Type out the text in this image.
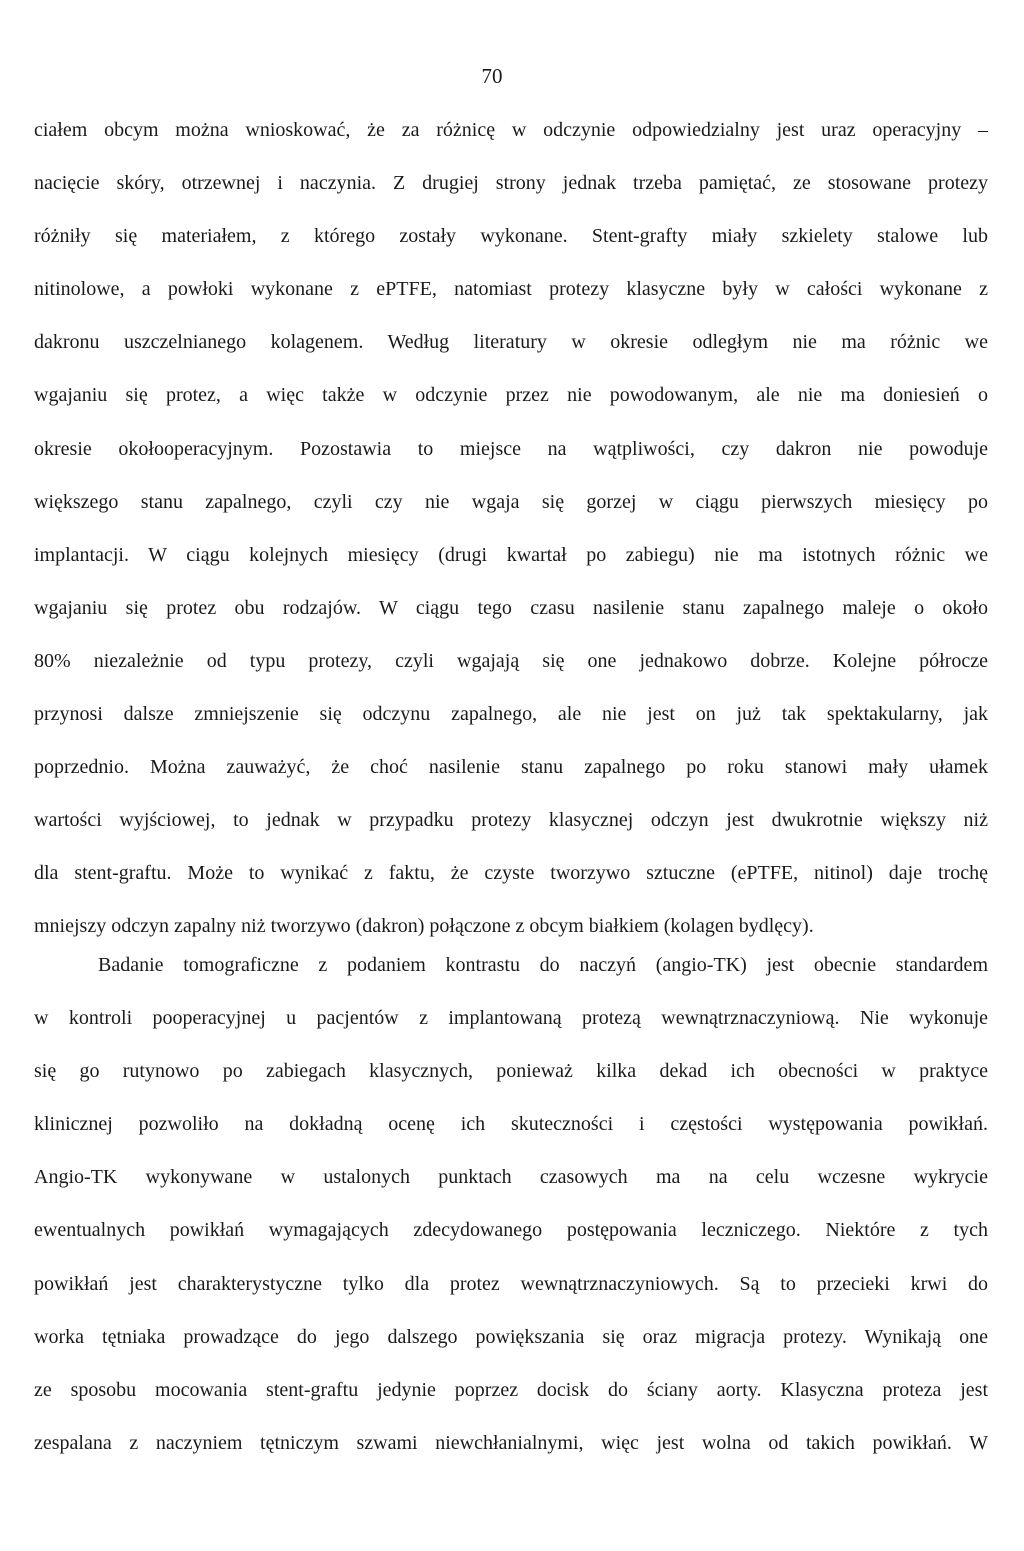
70
ciałem obcym można wnioskować, że za różnicę w odczynie odpowiedzialny jest uraz operacyjny –
nacięcie skóry, otrzewnej i naczynia. Z drugiej strony jednak trzeba pamiętać, ze stosowane protezy
różniły się materiałem, z którego zostały wykonane. Stent-grafty miały szkielety stalowe lub
nitinolowe, a powłoki wykonane z ePTFE, natomiast protezy klasyczne były w całości wykonane z
dakronu uszczelnianego kolagenem. Według literatury w okresie odległym nie ma różnic we
wgajaniu się protez, a więc także w odczynie przez nie powodowanym, ale nie ma doniesień o
okresie okołooperacyjnym. Pozostawia to miejsce na wątpliwości, czy dakron nie powoduje
większego stanu zapalnego, czyli czy nie wgaja się gorzej w ciągu pierwszych miesięcy po
implantacji. W ciągu kolejnych miesięcy (drugi kwartał po zabiegu) nie ma istotnych różnic we
wgajaniu się protez obu rodzajów. W ciągu tego czasu nasilenie stanu zapalnego maleje o około
80% niezależnie od typu protezy, czyli wgajają się one jednakowo dobrze. Kolejne półrocze
przynosi dalsze zmniejszenie się odczynu zapalnego, ale nie jest on już tak spektakularny, jak
poprzednio. Można zauważyć, że choć nasilenie stanu zapalnego po roku stanowi mały ułamek
wartości wyjściowej, to jednak w przypadku protezy klasycznej odczyn jest dwukrotnie większy niż
dla stent-graftu. Może to wynikać z faktu, że czyste tworzywo sztuczne (ePTFE, nitinol) daje trochę
mniejszy odczyn zapalny niż tworzywo (dakron) połączone z obcym białkiem (kolagen bydlęcy).
Badanie tomograficzne z podaniem kontrastu do naczyń (angio-TK) jest obecnie standardem
w kontroli pooperacyjnej u pacjentów z implantowaną protezą wewnątrznaczyniową. Nie wykonuje
się go rutynowo po zabiegach klasycznych, ponieważ kilka dekad ich obecności w praktyce
klinicznej pozwoliło na dokładną ocenę ich skuteczności i częstości występowania powikłań.
Angio-TK wykonywane w ustalonych punktach czasowych ma na celu wczesne wykrycie
ewentualnych powikłań wymagających zdecydowanego postępowania leczniczego. Niektóre z tych
powikłań jest charakterystyczne tylko dla protez wewnątrznaczyniowych. Są to przecieki krwi do
worka tętniaka prowadzące do jego dalszego powiększania się oraz migracja protezy. Wynikają one
ze sposobu mocowania stent-graftu jedynie poprzez docisk do ściany aorty. Klasyczna proteza jest
zespalana z naczyniem tętniczym szwami niewchłanialnymi, więc jest wolna od takich powikłań. W
